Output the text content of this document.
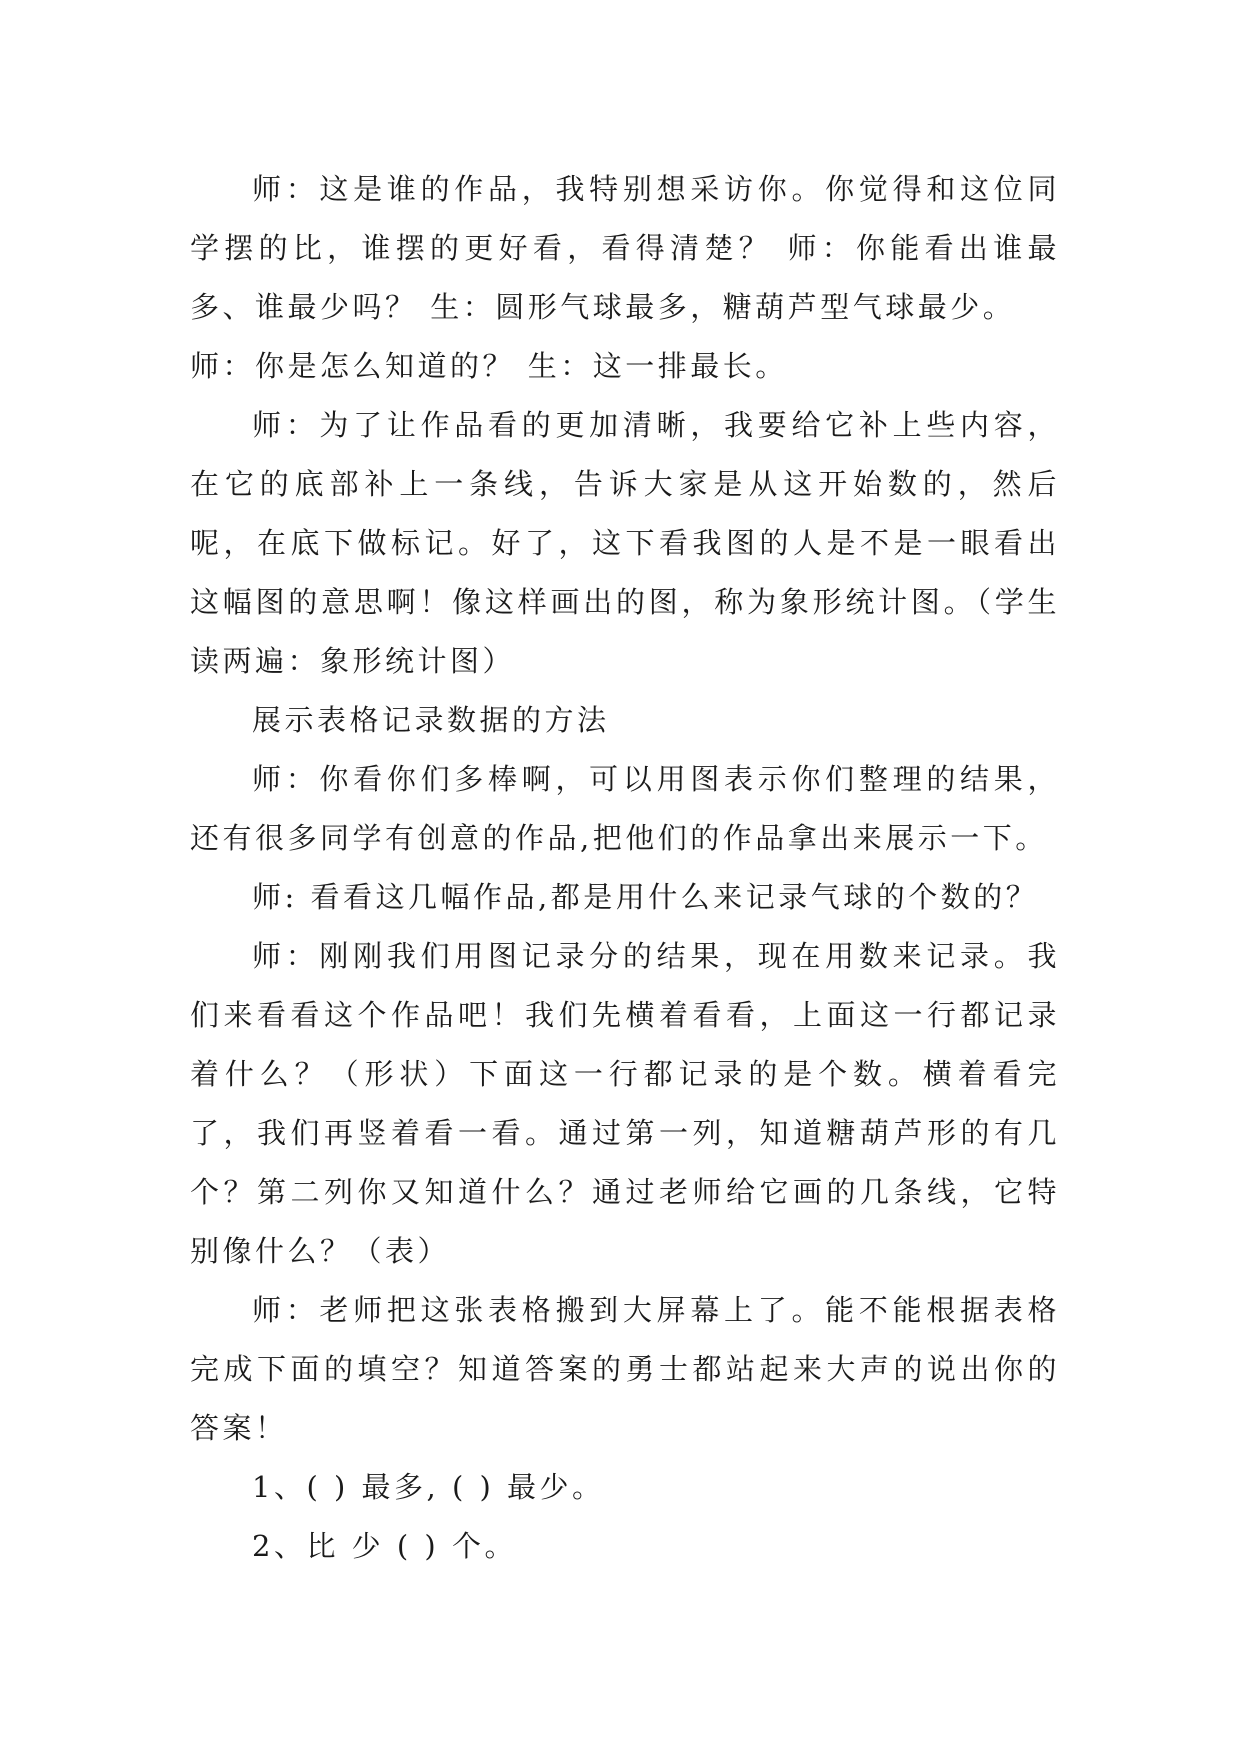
师：这是谁的作品，我特别想采访你。你觉得和这位同学摆的比，谁摆的更好看，看得清楚？ 师：你能看出谁最多、谁最少吗？ 生：圆形气球最多，糖葫芦型气球最少。

师：你是怎么知道的？ 生：这一排最长。

师：为了让作品看的更加清晰，我要给它补上些内容，在它的底部补上一条线，告诉大家是从这开始数的，然后呢，在底下做标记。好了，这下看我图的人是不是一眼看出这幅图的意思啊！像这样画出的图，称为象形统计图。（学生读两遍：象形统计图）

展示表格记录数据的方法

师：你看你们多棒啊，可以用图表示你们整理的结果，还有很多同学有创意的作品,把他们的作品拿出来展示一下。

师: 看看这几幅作品,都是用什么来记录气球的个数的？

师：刚刚我们用图记录分的结果，现在用数来记录。我们来看看这个作品吧！我们先横着看看，上面这一行都记录着什么？（形状）下面这一行都记录的是个数。横着看完了，我们再竖着看一看。通过第一列，知道糖葫芦形的有几个？第二列你又知道什么？通过老师给它画的几条线，它特别像什么？（表）

师：老师把这张表格搬到大屏幕上了。能不能根据表格完成下面的填空？知道答案的勇士都站起来大声的说出你的答案！

1、( ) 最多, ( ) 最少。

2、比 少 ( ) 个。
